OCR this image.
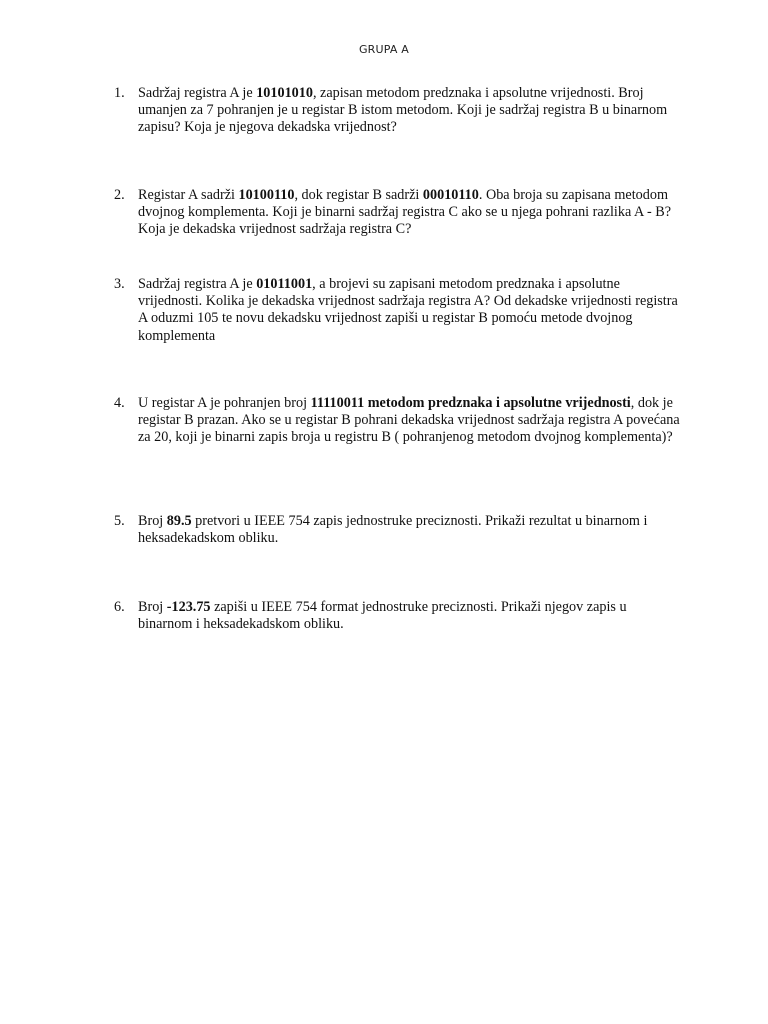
GRUPA A
1. Sadržaj registra A je 10101010, zapisan metodom predznaka i apsolutne vrijednosti. Broj umanjen za 7 pohranjen je u registar B istom metodom. Koji je sadržaj registra B u binarnom zapisu? Koja je njegova dekadska vrijednost?
2. Registar A sadrži 10100110, dok registar B sadrži 00010110. Oba broja su zapisana metodom dvojnog komplementa. Koji je binarni sadržaj registra C ako se u njega pohrani razlika A - B? Koja je dekadska vrijednost sadržaja registra C?
3. Sadržaj registra A je 01011001, a brojevi su zapisani metodom predznaka i apsolutne vrijednosti. Kolika je dekadska vrijednost sadržaja registra A? Od dekadske vrijednosti registra A oduzmi 105 te novu dekadsku vrijednost zapiši u registar B pomoću metode dvojnog komplementa
4. U registar A je pohranjen broj 11110011 metodom predznaka i apsolutne vrijednosti, dok je registar B prazan. Ako se u registar B pohrani dekadska vrijednost sadržaja registra A povećana za 20, koji je binarni zapis broja u registru B ( pohranjenog metodom dvojnog komplementa)?
5. Broj 89.5 pretvori u IEEE 754 zapis jednostruke preciznosti. Prikaži rezultat u binarnom i heksadekadskom obliku.
6. Broj -123.75 zapiši u IEEE 754 format jednostruke preciznosti. Prikaži njegov zapis u binarnom i heksadekadskom obliku.
